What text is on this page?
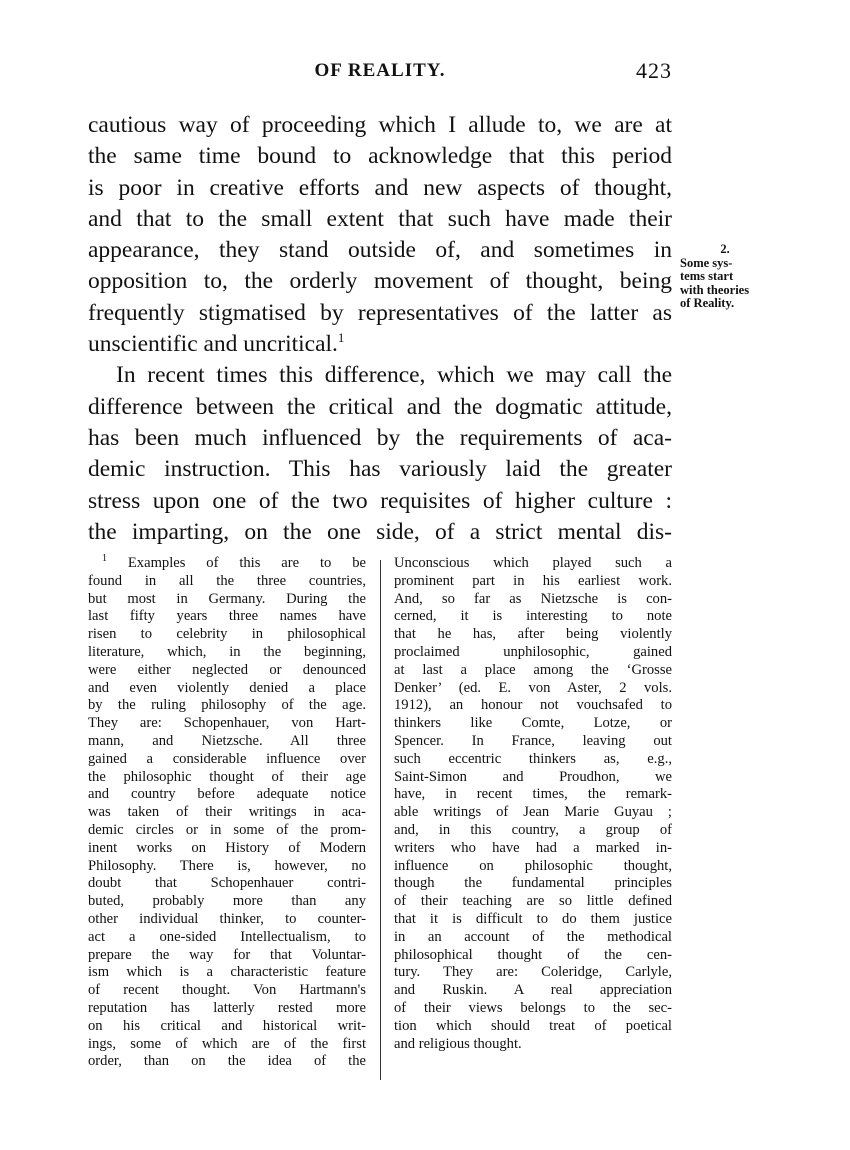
OF REALITY.	423
cautious way of proceeding which I allude to, we are at
the same time bound to acknowledge that this period
is poor in creative efforts and new aspects of thought,
and that to the small extent that such have made their
appearance, they stand outside of, and sometimes in
opposition to, the orderly movement of thought, being
frequently stigmatised by representatives of the latter as
unscientific and uncritical.$^1$
In recent times this difference, which we may call the
difference between the critical and the dogmatic attitude,
has been much influenced by the requirements of aca-
demic instruction. This has variously laid the greater
stress upon one of the two requisites of higher culture :
the imparting, on the one side, of a strict mental dis-
2.
Some sys-
tems start
with theories
of Reality.
$^1$ Examples of this are to be
found in all the three countries,
but most in Germany. During the
last fifty years three names have
risen to celebrity in philosophical
literature, which, in the beginning,
were either neglected or denounced
and even violently denied a place
by the ruling philosophy of the age.
They are: Schopenhauer, von Hart-
mann, and Nietzsche. All three
gained a considerable influence over
the philosophic thought of their age
and country before adequate notice
was taken of their writings in aca-
demic circles or in some of the prom-
inent works on History of Modern
Philosophy. There is, however, no
doubt that Schopenhauer contri-
buted, probably more than any
other individual thinker, to counter-
act a one-sided Intellectualism, to
prepare the way for that Voluntar-
ism which is a characteristic feature
of recent thought. Von Hartmann's
reputation has latterly rested more
on his critical and historical writ-
ings, some of which are of the first
order, than on the idea of the
Unconscious which played such a
prominent part in his earliest work.
And, so far as Nietzsche is con-
cerned, it is interesting to note
that he has, after being violently
proclaimed unphilosophic, gained
at last a place among the ‘Grosse
Denker’ (ed. E. von Aster, 2 vols.
1912), an honour not vouchsafed to
thinkers like Comte, Lotze, or
Spencer. In France, leaving out
such eccentric thinkers as, e.g.,
Saint-Simon and Proudhon, we
have, in recent times, the remark-
able writings of Jean Marie Guyau ;
and, in this country, a group of
writers who have had a marked in-
influence on philosophic thought,
though the fundamental principles
of their teaching are so little defined
that it is difficult to do them justice
in an account of the methodical
philosophical thought of the cen-
tury. They are: Coleridge, Carlyle,
and Ruskin. A real appreciation
of their views belongs to the sec-
tion which should treat of poetical
and religious thought.
